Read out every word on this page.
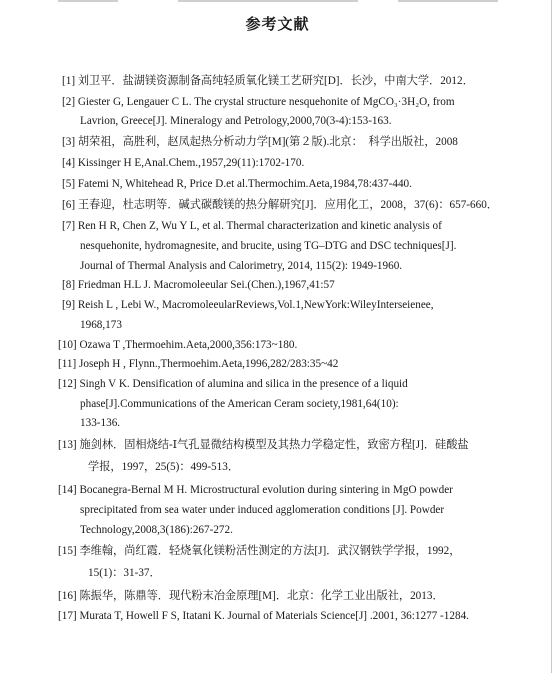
参考文献
[1] 刘卫平．盐湖镁资源制备高纯轻质氧化镁工艺研究[D]．长沙，中南大学．2012．
[2] Giester G, Lengauer C L. The crystal structure nesquehonite of MgCO₃·3H₂O, from
Lavrion, Greece[J]. Mineralogy and Petrology,2000,70(3-4):153-163.
[3] 胡荣祖，高胜利，赵凤起热分析动力学[M](第２版).北京：　科学出版社，2008
[4] Kissinger H E,Anal.Chem.,1957,29(11):1702-170.
[5] Fatemi N, Whitehead R, Price D.et al.Thermochim.Aeta,1984,78:437-440.
[6] 王春迎，杜志明等．碱式碳酸镁的热分解研究[J]．应用化工，2008，37(6)：657-660．
[7] Ren H R, Chen Z, Wu Y L, et al. Thermal characterization and kinetic analysis of
nesquehonite, hydromagnesite, and brucite, using TG–DTG and DSC techniques[J].
Journal of Thermal Analysis and Calorimetry, 2014, 115(2): 1949-1960.
[8] Friedman H.L J. Macromoleeular Sei.(Chen.),1967,41:57
[9] Reish L , Lebi W., MacromoleeularReviews,Vol.1,NewYork:WileyInterseienee,
1968,173
[10] Ozawa T ,Thermoehim.Aeta,2000,356:173~180.
[11] Joseph H , Flynn.,Thermoehim.Aeta,1996,282/283:35~42
[12] Singh V K. Densification of alumina and silica in the presence of a liquid
phase[J].Communications of the American Ceram society,1981,64(10):
133-136.
[13] 施剑林．固相烧结-Ⅰ气孔显微结构模型及其热力学稳定性，致密方程[J]．硅酸盐
学报，1997，25(5)：499-513．
[14] Bocanegra-Bernal M H. Microstructural evolution during sintering in MgO powder
sprecipitated from sea water under induced agglomeration conditions [J]. Powder
Technology,2008,3(186):267-272.
[15] 李维翰，尚红霞．轻烧氧化镁粉活性测定的方法[J]．武汉钢铁学学报，1992，
15(1)：31-37．
[16] 陈振华，陈鼎等．现代粉末冶金原理[M]．北京：化学工业出版社，2013．
[17] Murata T, Howell F S, Itatani K. Journal of Materials Science[J] .2001, 36:1277 -1284.
